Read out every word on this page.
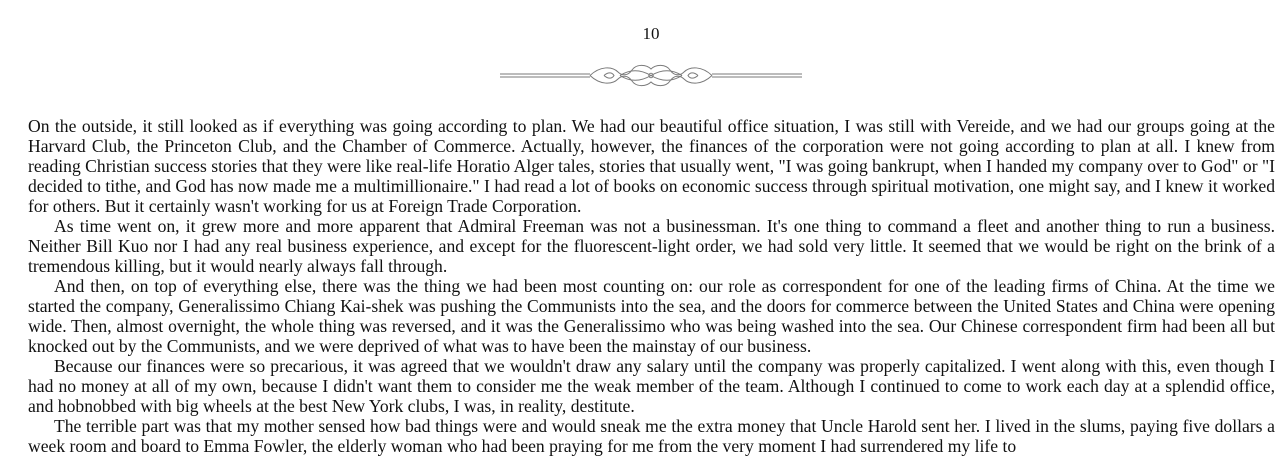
10

On the outside, it still looked as if everything was going according to plan. We had our beautiful office situation, I was still with Vereide, and we had our groups going at the Harvard Club, the Princeton Club, and the Chamber of Commerce. Actually, however, the finances of the corporation were not going according to plan at all. I knew from reading Christian success stories that they were like real-life Horatio Alger tales, stories that usually went, "I was going bankrupt, when I handed my company over to God" or "I decided to tithe, and God has now made me a multimillionaire." I had read a lot of books on economic success through spiritual motivation, one might say, and I knew it worked for others. But it certainly wasn't working for us at Foreign Trade Corporation.

As time went on, it grew more and more apparent that Admiral Freeman was not a businessman. It's one thing to command a fleet and another thing to run a business. Neither Bill Kuo nor I had any real business experience, and except for the fluorescent-light order, we had sold very little. It seemed that we would be right on the brink of a tremendous killing, but it would nearly always fall through.

And then, on top of everything else, there was the thing we had been most counting on: our role as correspondent for one of the leading firms of China. At the time we started the company, Generalissimo Chiang Kai-shek was pushing the Communists into the sea, and the doors for commerce between the United States and China were opening wide. Then, almost overnight, the whole thing was reversed, and it was the Generalissimo who was being washed into the sea. Our Chinese correspondent firm had been all but knocked out by the Communists, and we were deprived of what was to have been the mainstay of our business.

Because our finances were so precarious, it was agreed that we wouldn't draw any salary until the company was properly capitalized. I went along with this, even though I had no money at all of my own, because I didn't want them to consider me the weak member of the team. Although I continued to come to work each day at a splendid office, and hobnobbed with big wheels at the best New York clubs, I was, in reality, destitute.

The terrible part was that my mother sensed how bad things were and would sneak me the extra money that Uncle Harold sent her. I lived in the slums, paying five dollars a week room and board to Emma Fowler, the elderly woman who had been praying for me from the very moment I had surrendered my life to
